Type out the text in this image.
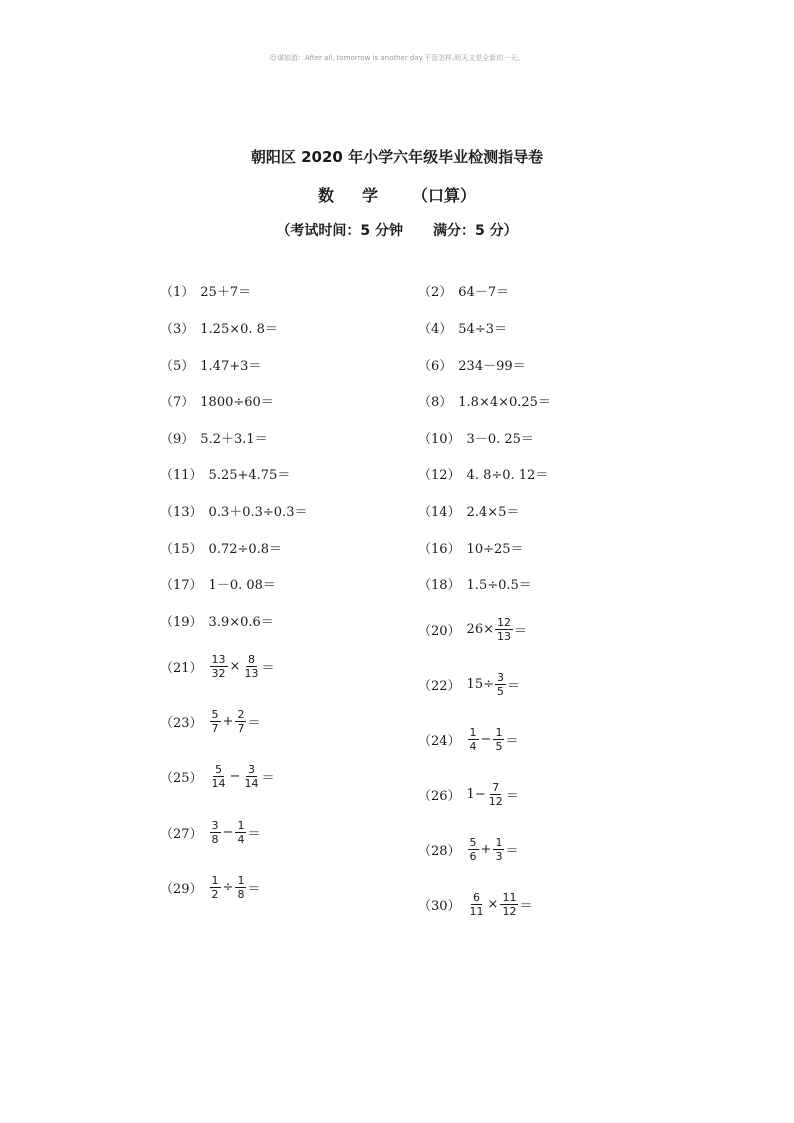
☺谋如游：After all, tomorrow is another day.不管怎样,明天又是全新的一天。
朝阳区 2020 年小学六年级毕业检测指导卷
数 学 （口算）
（考试时间：5 分钟 满分：5 分）
（1） 25＋7＝
（3） 1.25×0. 8＝
（5） 1.47+3＝
（7） 1800÷60＝
（9） 5.2＋3.1＝
（11） 5.25+4.75＝
（13） 0.3＋0.3÷0.3＝
（15） 0.72÷0.8＝
（17） 1－0. 08＝
（19） 3.9×0.6＝
（2） 64－7＝
（4） 54÷3＝
（6） 234－99＝
（8） 1.8×4×0.25＝
（10） 3－0. 25＝
（12） 4. 8÷0. 12＝
（14） 2.4×5＝
（16） 10÷25＝
（18） 1.5÷0.5＝
（20） $26\times \frac{12}{13}$ ＝
$(21) \frac{13}{32} \times \frac{8}{13}$ ＝
（22） $15\div \frac{3}{5}$ ＝
$(23) \frac{5}{7} + \frac{2}{7}$ ＝
$(24) \frac{1}{4} - \frac{1}{5}$ ＝
$(25) \frac{5}{14} - \frac{3}{14}$ ＝
（26） $1- \frac{7}{12}$ ＝
$(27) \frac{3}{8} - \frac{1}{4}$ ＝
$(28) \frac{5}{6} + \frac{1}{3}$ ＝
$(29) \frac{1}{2} \div \frac{1}{8}$ ＝
$(30) \frac{6}{11} \times \frac{11}{12}$ ＝
